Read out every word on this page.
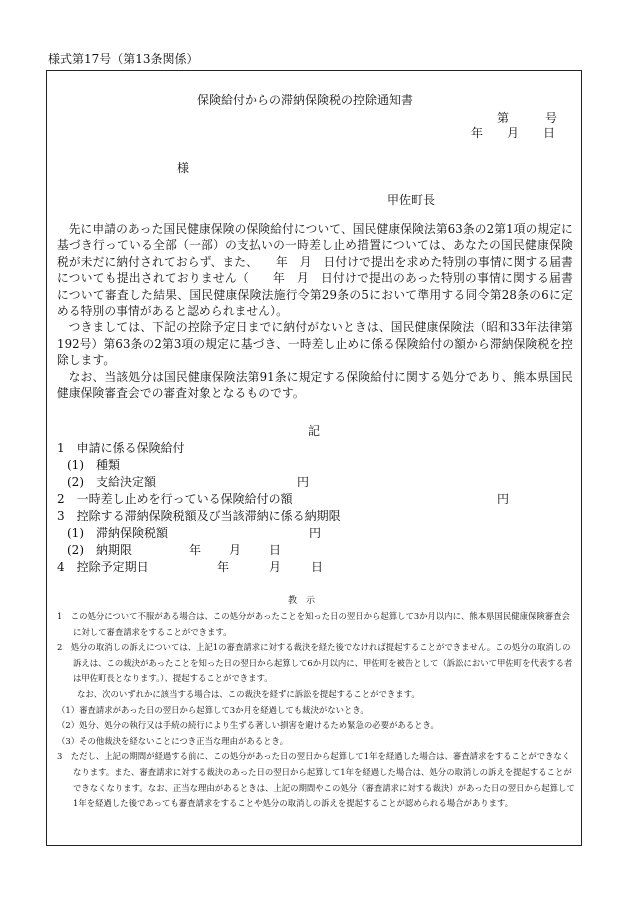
様式第17号（第13条関係）
保険給付からの滞納保険税の控除通知書
第　　　号
年　　月　　日
様
甲佐町長

先に申請のあった国民健康保険の保険給付について、国民健康保険法第63条の2第1項の規定に基づき行っている全部（一部）の支払いの一時差し止め措置については、あなたの国民健康保険税が未だに納付されておらず、また、　　年　月　日付けで提出を求めた特別の事情に関する届書についても提出されておりません（　　年　月　日付けで提出のあった特別の事情に関する届書について審査した結果、国民健康保険法施行令第29条の5において準用する同令第28条の6に定める特別の事情があると認められません）。

つきましては、下記の控除予定日までに納付がないときは、国民健康保険法（昭和33年法律第192号）第63条の2第3項の規定に基づき、一時差し止めに係る保険給付の額から滞納保険税を控除します。

なお、当該処分は国民健康保険法第91条に規定する保険給付に関する処分であり、熊本県国民健康保険審査会での審査対象となるものです。

記
1　申請に係る保険給付
(1)　種類
(2)　支給決定額	円
2　一時差し止めを行っている保険給付の額	円
3　控除する滞納保険税額及び当該滞納に係る納期限
(1)　滞納保険税額	円
(2)　納期限	年 月 日
4　控除予定期日	年	月 日
教　示
1　この処分について不服がある場合は、この処分があったことを知った日の翌日から起算して3か月以内に、熊本県国民健康保険審査会に対して審査請求をすることができます。
2　処分の取消しの訴えについては、上記1の審査請求に対する裁決を経た後でなければ提起することができません。この処分の取消しの訴えは、この裁決があったことを知った日の翌日から起算して6か月以内に、甲佐町を被告として（訴訟において甲佐町を代表する者は甲佐町長となります。）、提起することができます。
なお、次のいずれかに該当する場合は、この裁決を経ずに訴訟を提起することができます。
（1）審査請求があった日の翌日から起算して3か月を経過しても裁決がないとき。
（2）処分、処分の執行又は手続の続行により生ずる著しい損害を避けるため緊急の必要があるとき。
（3）その他裁決を経ないことにつき正当な理由があるとき。
3　ただし、上記の期間が経過する前に、この処分があった日の翌日から起算して1年を経過した場合は、審査請求をすることができなくなります。また、審査請求に対する裁決のあった日の翌日から起算して1年を経過した場合は、処分の取消しの訴えを提起することができなくなります。なお、正当な理由があるときは、上記の期間やこの処分（審査請求に対する裁決）があった日の翌日から起算して1年を経過した後であっても審査請求をすることや処分の取消しの訴えを提起することが認められる場合があります。
